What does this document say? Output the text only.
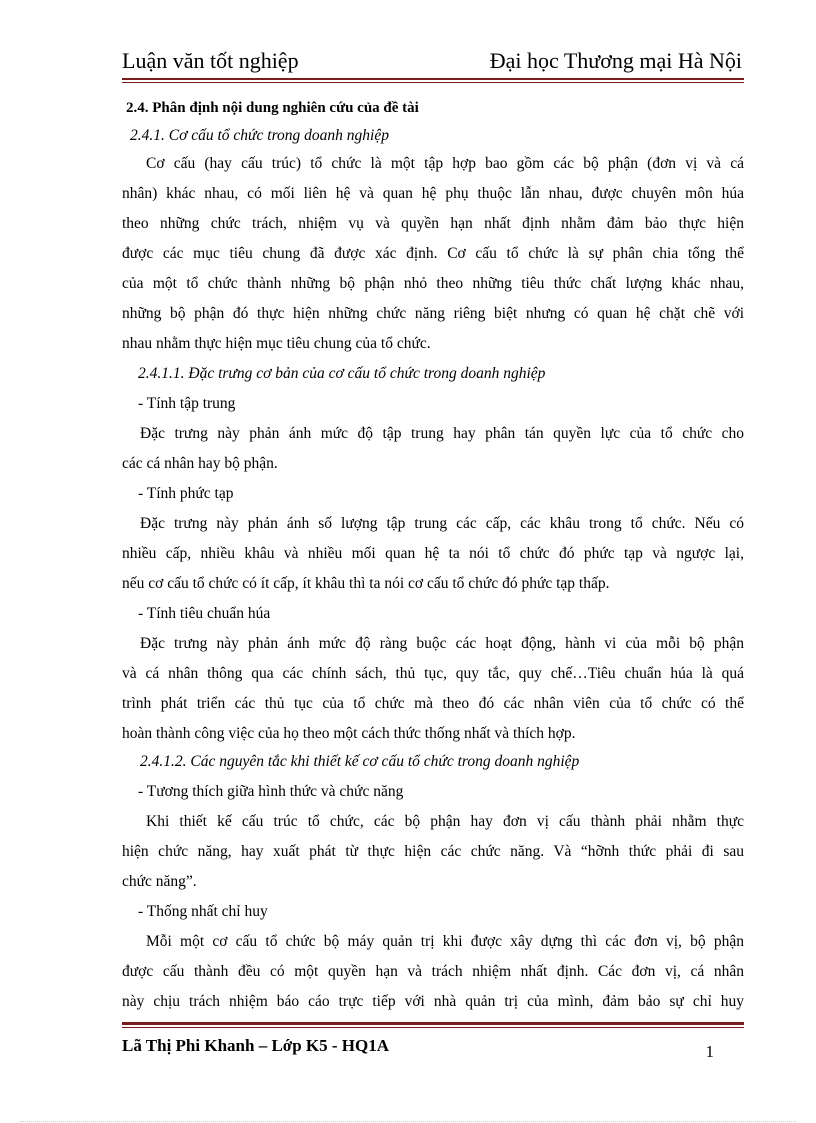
Luận văn tốt nghiệp	Đại học Thương mại Hà Nội
2.4. Phân định nội dung nghiên cứu của đề tài
2.4.1. Cơ cấu tổ chức trong doanh nghiệp
Cơ cấu (hay cấu trúc) tổ chức là một tập hợp bao gồm các bộ phận (đơn vị và cá
nhân) khác nhau, có mối liên hệ và quan hệ phụ thuộc lẫn nhau, được chuyên môn húa
theo những chức trách, nhiệm vụ và quyền hạn nhất định nhằm đảm bảo thực hiện
được các mục tiêu chung đã được xác định. Cơ cấu tổ chức là sự phân chia tổng thể
của một tổ chức thành những bộ phận nhỏ theo những tiêu thức chất lượng khác nhau,
những bộ phận đó thực hiện những chức năng riêng biệt nhưng có quan hệ chặt chẽ với
nhau nhằm thực hiện mục tiêu chung của tổ chức.
2.4.1.1. Đặc trưng cơ bản của cơ cấu tổ chức trong doanh nghiệp
- Tính tập trung
Đặc trưng này phản ánh mức độ tập trung hay phân tán quyền lực của tổ chức cho
các cá nhân hay bộ phận.
- Tính phức tạp
Đặc trưng này phản ánh số lượng tập trung các cấp, các khâu trong tổ chức. Nếu có
nhiều cấp, nhiều khâu và nhiều mối quan hệ ta nói tổ chức đó phức tạp và ngược lại,
nếu cơ cấu tổ chức có ít cấp, ít khâu thì ta nói cơ cấu tổ chức đó phức tạp thấp.
- Tính tiêu chuẩn húa
Đặc trưng này phản ánh mức độ ràng buộc các hoạt động, hành vi của mỗi bộ phận
và cá nhân thông qua các chính sách, thủ tục, quy tắc, quy chế…Tiêu chuẩn húa là quá
trình phát triển các thủ tục của tổ chức mà theo đó các nhân viên của tổ chức có thể
hoàn thành công việc của họ theo một cách thức thống nhất và thích hợp.
2.4.1.2. Các nguyên tắc khi thiết kế cơ cấu tổ chức trong doanh nghiệp
- Tương thích giữa hình thức và chức năng
Khi thiết kế cấu trúc tổ chức, các bộ phận hay đơn vị cấu thành phải nhằm thực
hiện chức năng, hay xuất phát từ thực hiện các chức năng. Và “hỡnh thức phải đi sau
chức năng”.
- Thống nhất chỉ huy
Mỗi một cơ cấu tổ chức bộ máy quản trị khi được xây dựng thì các đơn vị, bộ phận
được cấu thành đều có một quyền hạn và trách nhiệm nhất định. Các đơn vị, cá nhân
này chịu trách nhiệm báo cáo trực tiếp với nhà quản trị của mình, đảm bảo sự chỉ huy
Lã Thị Phi Khanh – Lớp K5 - HQ1A	1
